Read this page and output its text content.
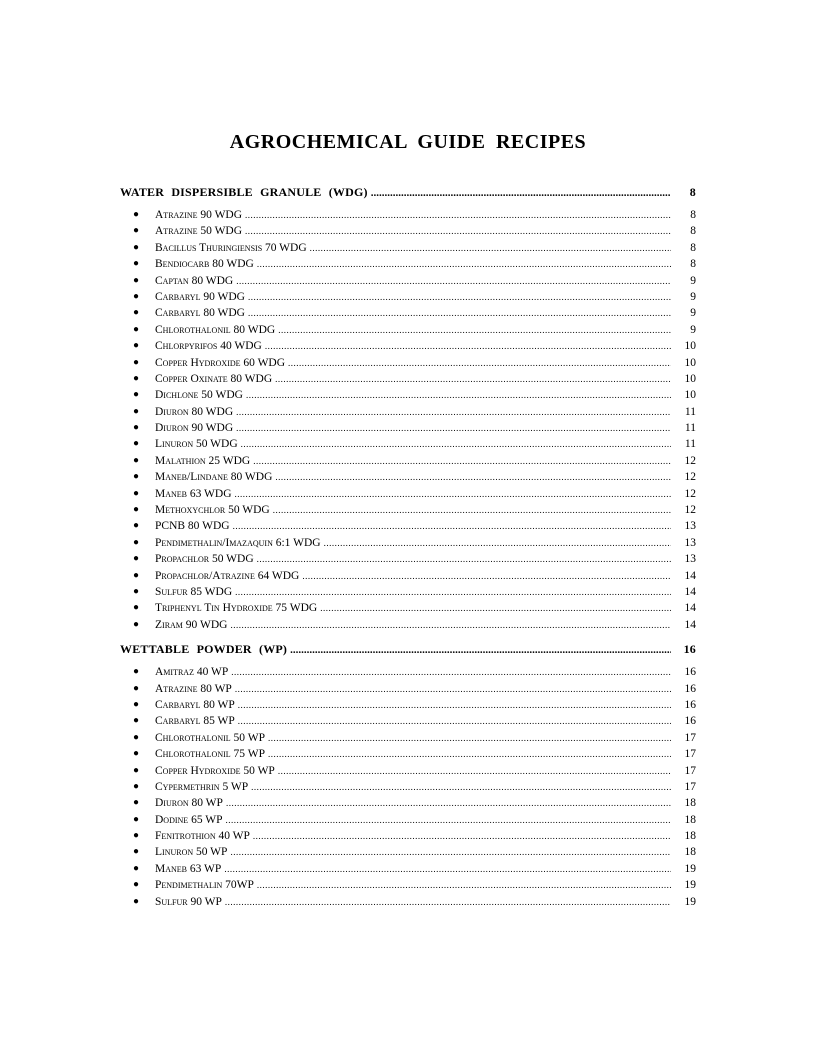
AGROCHEMICAL GUIDE RECIPES
WATER DISPERSIBLE GRANULE (WDG) .....	8
● Atrazine 90 WDG .....	8
● Atrazine 50 WDG .....	8
● Bacillus Thuringiensis 70 WDG .....	8
● Bendiocarb 80 WDG .....	8
● Captan 80 WDG .....	9
● Carbaryl 90 WDG .....	9
● Carbaryl 80 WDG .....	9
● Chlorothalonil 80 WDG .....	9
● Chlorpyrifos 40 WDG .....	10
● Copper Hydroxide 60 WDG .....	10
● Copper Oxinate 80 WDG .....	10
● Dichlone 50 WDG .....	10
● Diuron 80 WDG .....	11
● Diuron 90 WDG .....	11
● Linuron 50 WDG .....	11
● Malathion 25 WDG .....	12
● Maneb/Lindane 80 WDG .....	12
● Maneb 63 WDG .....	12
● Methoxychlor 50 WDG .....	12
● PCNB 80 WDG .....	13
● Pendimethalin/Imazaquin 6:1 WDG .....	13
● Propachlor 50 WDG .....	13
● Propachlor/Atrazine 64 WDG .....	14
● Sulfur 85 WDG .....	14
● Triphenyl Tin Hydroxide 75 WDG .....	14
● Ziram 90 WDG .....	14
WETTABLE POWDER (WP) .....	16
● Amitraz 40 WP .....	16
● Atrazine 80 WP .....	16
● Carbaryl 80 WP .....	16
● Carbaryl 85 WP .....	16
● Chlorothalonil 50 WP .....	17
● Chlorothalonil 75 WP .....	17
● Copper Hydroxide 50 WP .....	17
● Cypermethrin 5 WP .....	17
● Diuron 80 WP .....	18
● Dodine 65 WP .....	18
● Fenitrothion 40 WP .....	18
● Linuron 50 WP .....	18
● Maneb 63 WP .....	19
● Pendimethalin 70WP .....	19
● Sulfur 90 WP .....	19
